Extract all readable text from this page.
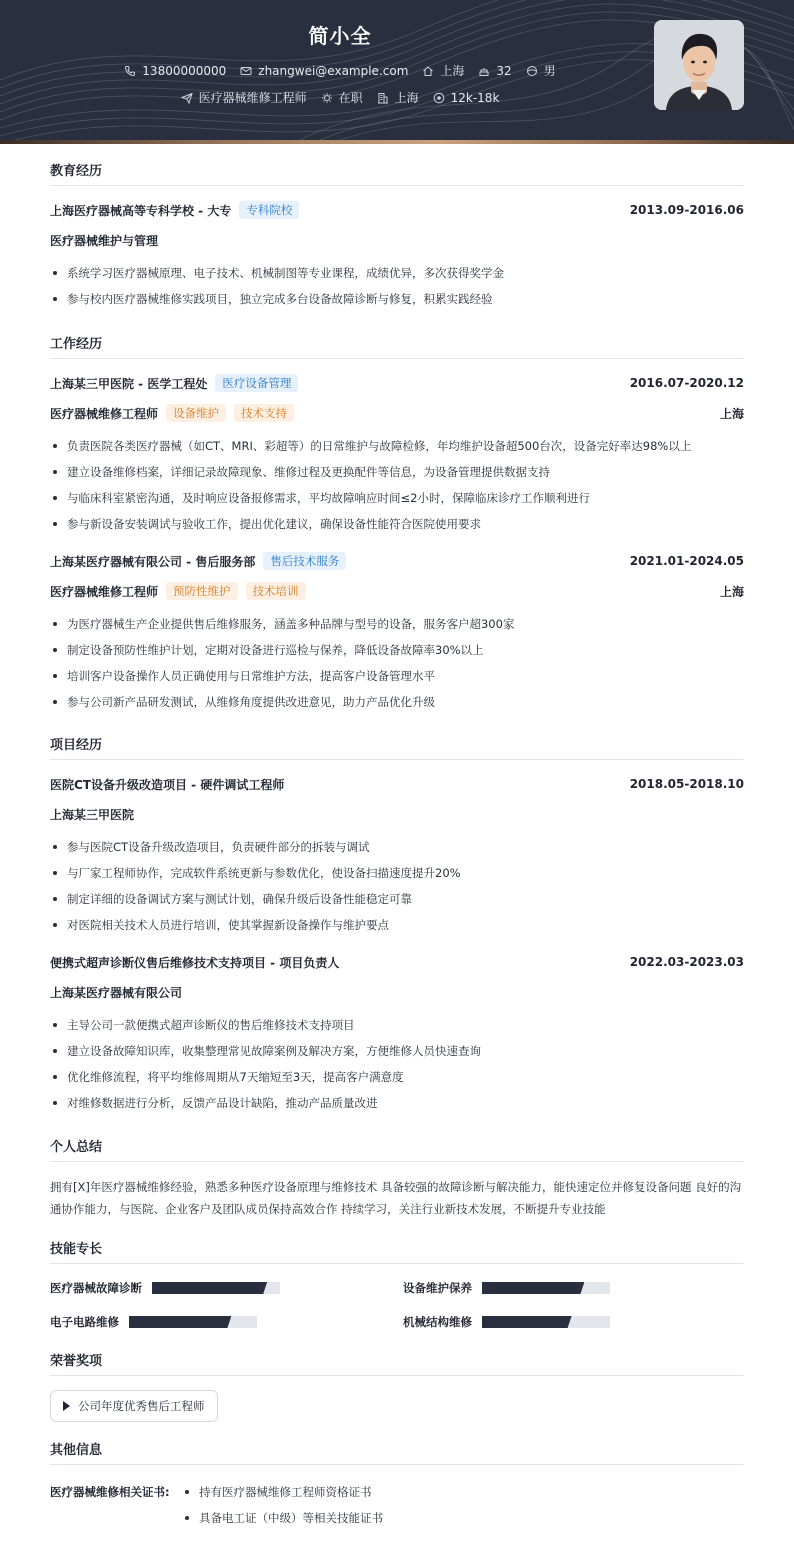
简小全
13800000000	zhangwei@example.com	上海	32	男
医疗器械维修工程师	在职	上海	12k-18k
教育经历
上海医疗器械高等专科学校 - 大专	专科院校	2013.09-2016.06
医疗器械维护与管理
系统学习医疗器械原理、电子技术、机械制图等专业课程，成绩优异，多次获得奖学金
参与校内医疗器械维修实践项目，独立完成多台设备故障诊断与修复，积累实践经验
工作经历
上海某三甲医院 - 医学工程处	医疗设备管理	2016.07-2020.12
医疗器械维修工程师	设备维护	技术支持	上海
负责医院各类医疗器械（如CT、MRI、彩超等）的日常维护与故障检修，年均维护设备超500台次，设备完好率达98%以上
建立设备维修档案，详细记录故障现象、维修过程及更换配件等信息，为设备管理提供数据支持
与临床科室紧密沟通，及时响应设备报修需求，平均故障响应时间≤2小时，保障临床诊疗工作顺利进行
参与新设备安装调试与验收工作，提出优化建议，确保设备性能符合医院使用要求
上海某医疗器械有限公司 - 售后服务部	售后技术服务	2021.01-2024.05
医疗器械维修工程师	预防性维护	技术培训	上海
为医疗器械生产企业提供售后维修服务，涵盖多种品牌与型号的设备，服务客户超300家
制定设备预防性维护计划，定期对设备进行巡检与保养，降低设备故障率30%以上
培训客户设备操作人员正确使用与日常维护方法，提高客户设备管理水平
参与公司新产品研发测试，从维修角度提供改进意见，助力产品优化升级
项目经历
医院CT设备升级改造项目 - 硬件调试工程师	2018.05-2018.10
上海某三甲医院
参与医院CT设备升级改造项目，负责硬件部分的拆装与调试
与厂家工程师协作，完成软件系统更新与参数优化，使设备扫描速度提升20%
制定详细的设备调试方案与测试计划，确保升级后设备性能稳定可靠
对医院相关技术人员进行培训，使其掌握新设备操作与维护要点
便携式超声诊断仪售后维修技术支持项目 - 项目负责人	2022.03-2023.03
上海某医疗器械有限公司
主导公司一款便携式超声诊断仪的售后维修技术支持项目
建立设备故障知识库，收集整理常见故障案例及解决方案，方便维修人员快速查询
优化维修流程，将平均维修周期从7天缩短至3天，提高客户满意度
对维修数据进行分析，反馈产品设计缺陷，推动产品质量改进
个人总结
拥有[X]年医疗器械维修经验，熟悉多种医疗设备原理与维修技术 具备较强的故障诊断与解决能力，能快速定位并修复设备问题 良好的沟通协作能力，与医院、企业客户及团队成员保持高效合作 持续学习，关注行业新技术发展，不断提升专业技能
技能专长
医疗器械故障诊断	设备维护保养
电子电路维修	机械结构维修
荣誉奖项
公司年度优秀售后工程师
其他信息
医疗器械维修相关证书:	持有医疗器械维修工程师资格证书
具备电工证（中级）等相关技能证书
